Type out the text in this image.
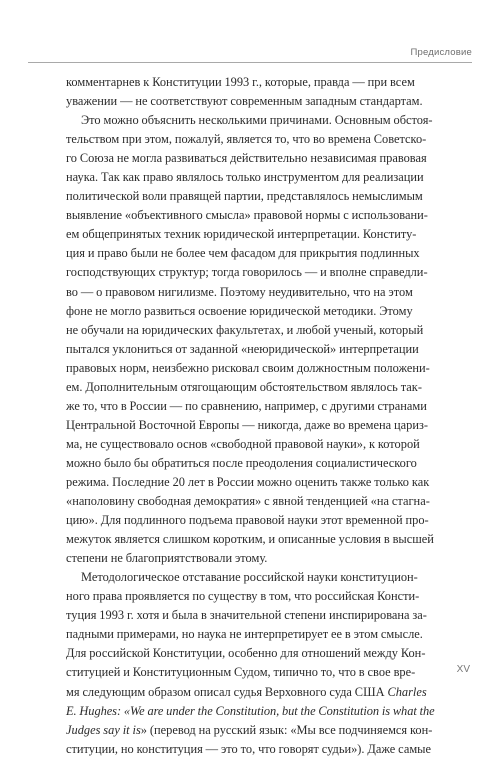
Предисловие
комментарнев к Конституции 1993 г., которые, правда — при всем
уважении — не соответствуют современным западным стандартам.
Это можно объяснить несколькими причинами. Основным обстоя-
тельством при этом, пожалуй, является то, что во времена Советско-
го Союза не могла развиваться действительно независимая правовая
наука. Так как право являлось только инструментом для реализации
политической воли правящей партии, представлялось немыслимым
выявление «объективного смысла» правовой нормы с использовани-
ем общепринятых техник юридической интерпретации. Конститу-
ция и право были не более чем фасадом для прикрытия подлинных
господствующих структур; тогда говорилось — и вполне справедли-
во — о правовом нигилизме. Поэтому неудивительно, что на этом
фоне не могло развиться освоение юридической методики. Этому
не обучали на юридических факультетах, и любой ученый, который
пытался уклониться от заданной «неюридической» интерпретации
правовых норм, неизбежно рисковал своим должностным положени-
ем. Дополнительным отягощающим обстоятельством являлось так-
же то, что в России — по сравнению, например, с другими странами
Центральной Восточной Европы — никогда, даже во времена цариз-
ма, не существовало основ «свободной правовой науки», к которой
можно было бы обратиться после преодоления социалистического
режима. Последние 20 лет в России можно оценить также только как
«наполовину свободная демократия» с явной тенденцией «на стагна-
цию». Для подлинного подъема правовой науки этот временной про-
межуток является слишком коротким, и описанные условия в высшей
степени не благоприятствовали этому.
Методологическое отставание российской науки конституцион-
ного права проявляется по существу в том, что российская Консти-
туция 1993 г. хотя и была в значительной степени инспирирована за-
падными примерами, но наука не интерпретирует ее в этом смысле.
Для российской Конституции, особенно для отношений между Кон-
ституцией и Конституционным Судом, типично то, что в свое вре-
мя следующим образом описал судья Верховного суда США Charles
E. Hughes: «We are under the Constitution, but the Constitution is what the
Judges say it is» (перевод на русский язык: «Мы все подчиняемся кон-
ституции, но конституция — это то, что говорят судьи»). Даже самые
XV
